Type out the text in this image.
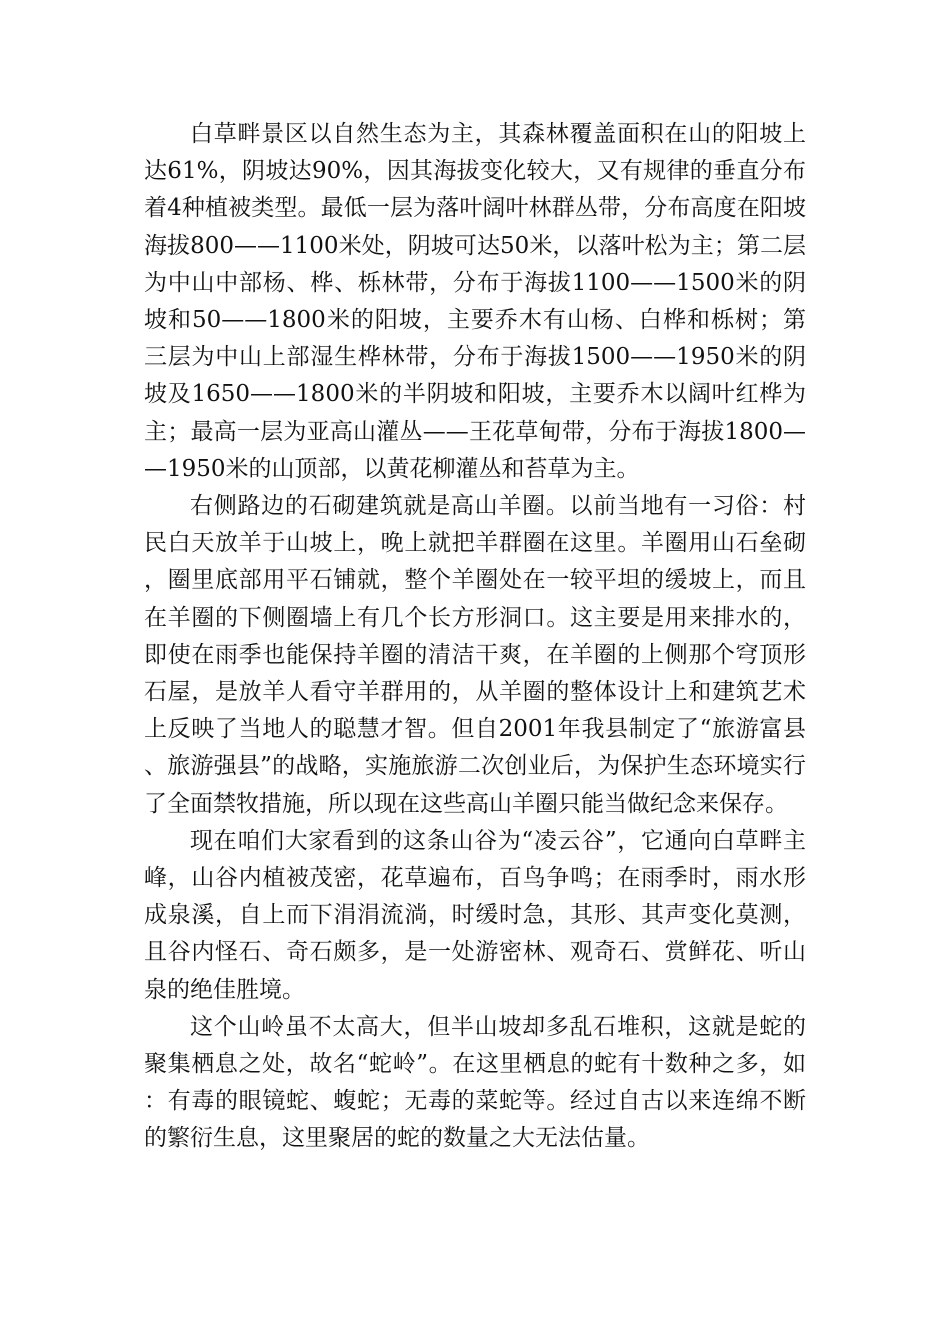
白草畔景区以自然生态为主，其森林覆盖面积在山的阳坡上达61%，阴坡达90%，因其海拔变化较大，又有规律的垂直分布着4种植被类型。最低一层为落叶阔叶林群丛带，分布高度在阳坡海拔800——1100米处，阴坡可达50米，以落叶松为主；第二层为中山中部杨、桦、栎林带，分布于海拔1100——1500米的阴坡和50——1800米的阳坡，主要乔木有山杨、白桦和栎树；第三层为中山上部湿生桦林带，分布于海拔1500——1950米的阴坡及1650——1800米的半阴坡和阳坡，主要乔木以阔叶红桦为主；最高一层为亚高山灌丛——王花草甸带，分布于海拔1800——1950米的山顶部，以黄花柳灌丛和苔草为主。

右侧路边的石砌建筑就是高山羊圈。以前当地有一习俗：村民白天放羊于山坡上，晚上就把羊群圈在这里。羊圈用山石垒砌，圈里底部用平石铺就，整个羊圈处在一较平坦的缓坡上，而且在羊圈的下侧圈墙上有几个长方形洞口。这主要是用来排水的，即使在雨季也能保持羊圈的清洁干爽，在羊圈的上侧那个穹顶形石屋，是放羊人看守羊群用的，从羊圈的整体设计上和建筑艺术上反映了当地人的聪慧才智。但自2001年我县制定了“旅游富县、旅游强县”的战略，实施旅游二次创业后，为保护生态环境实行了全面禁牧措施，所以现在这些高山羊圈只能当做纪念来保存。

现在咱们大家看到的这条山谷为“凌云谷”，它通向白草畔主峰，山谷内植被茂密，花草遍布，百鸟争鸣；在雨季时，雨水形成泉溪，自上而下涓涓流淌，时缓时急，其形、其声变化莫测，且谷内怪石、奇石颇多，是一处游密林、观奇石、赏鲜花、听山泉的绝佳胜境。

这个山岭虽不太高大，但半山坡却多乱石堆积，这就是蛇的聚集栖息之处，故名“蛇岭”。在这里栖息的蛇有十数种之多，如：有毒的眼镜蛇、蝮蛇；无毒的菜蛇等。经过自古以来连绵不断的繁衍生息，这里聚居的蛇的数量之大无法估量。
